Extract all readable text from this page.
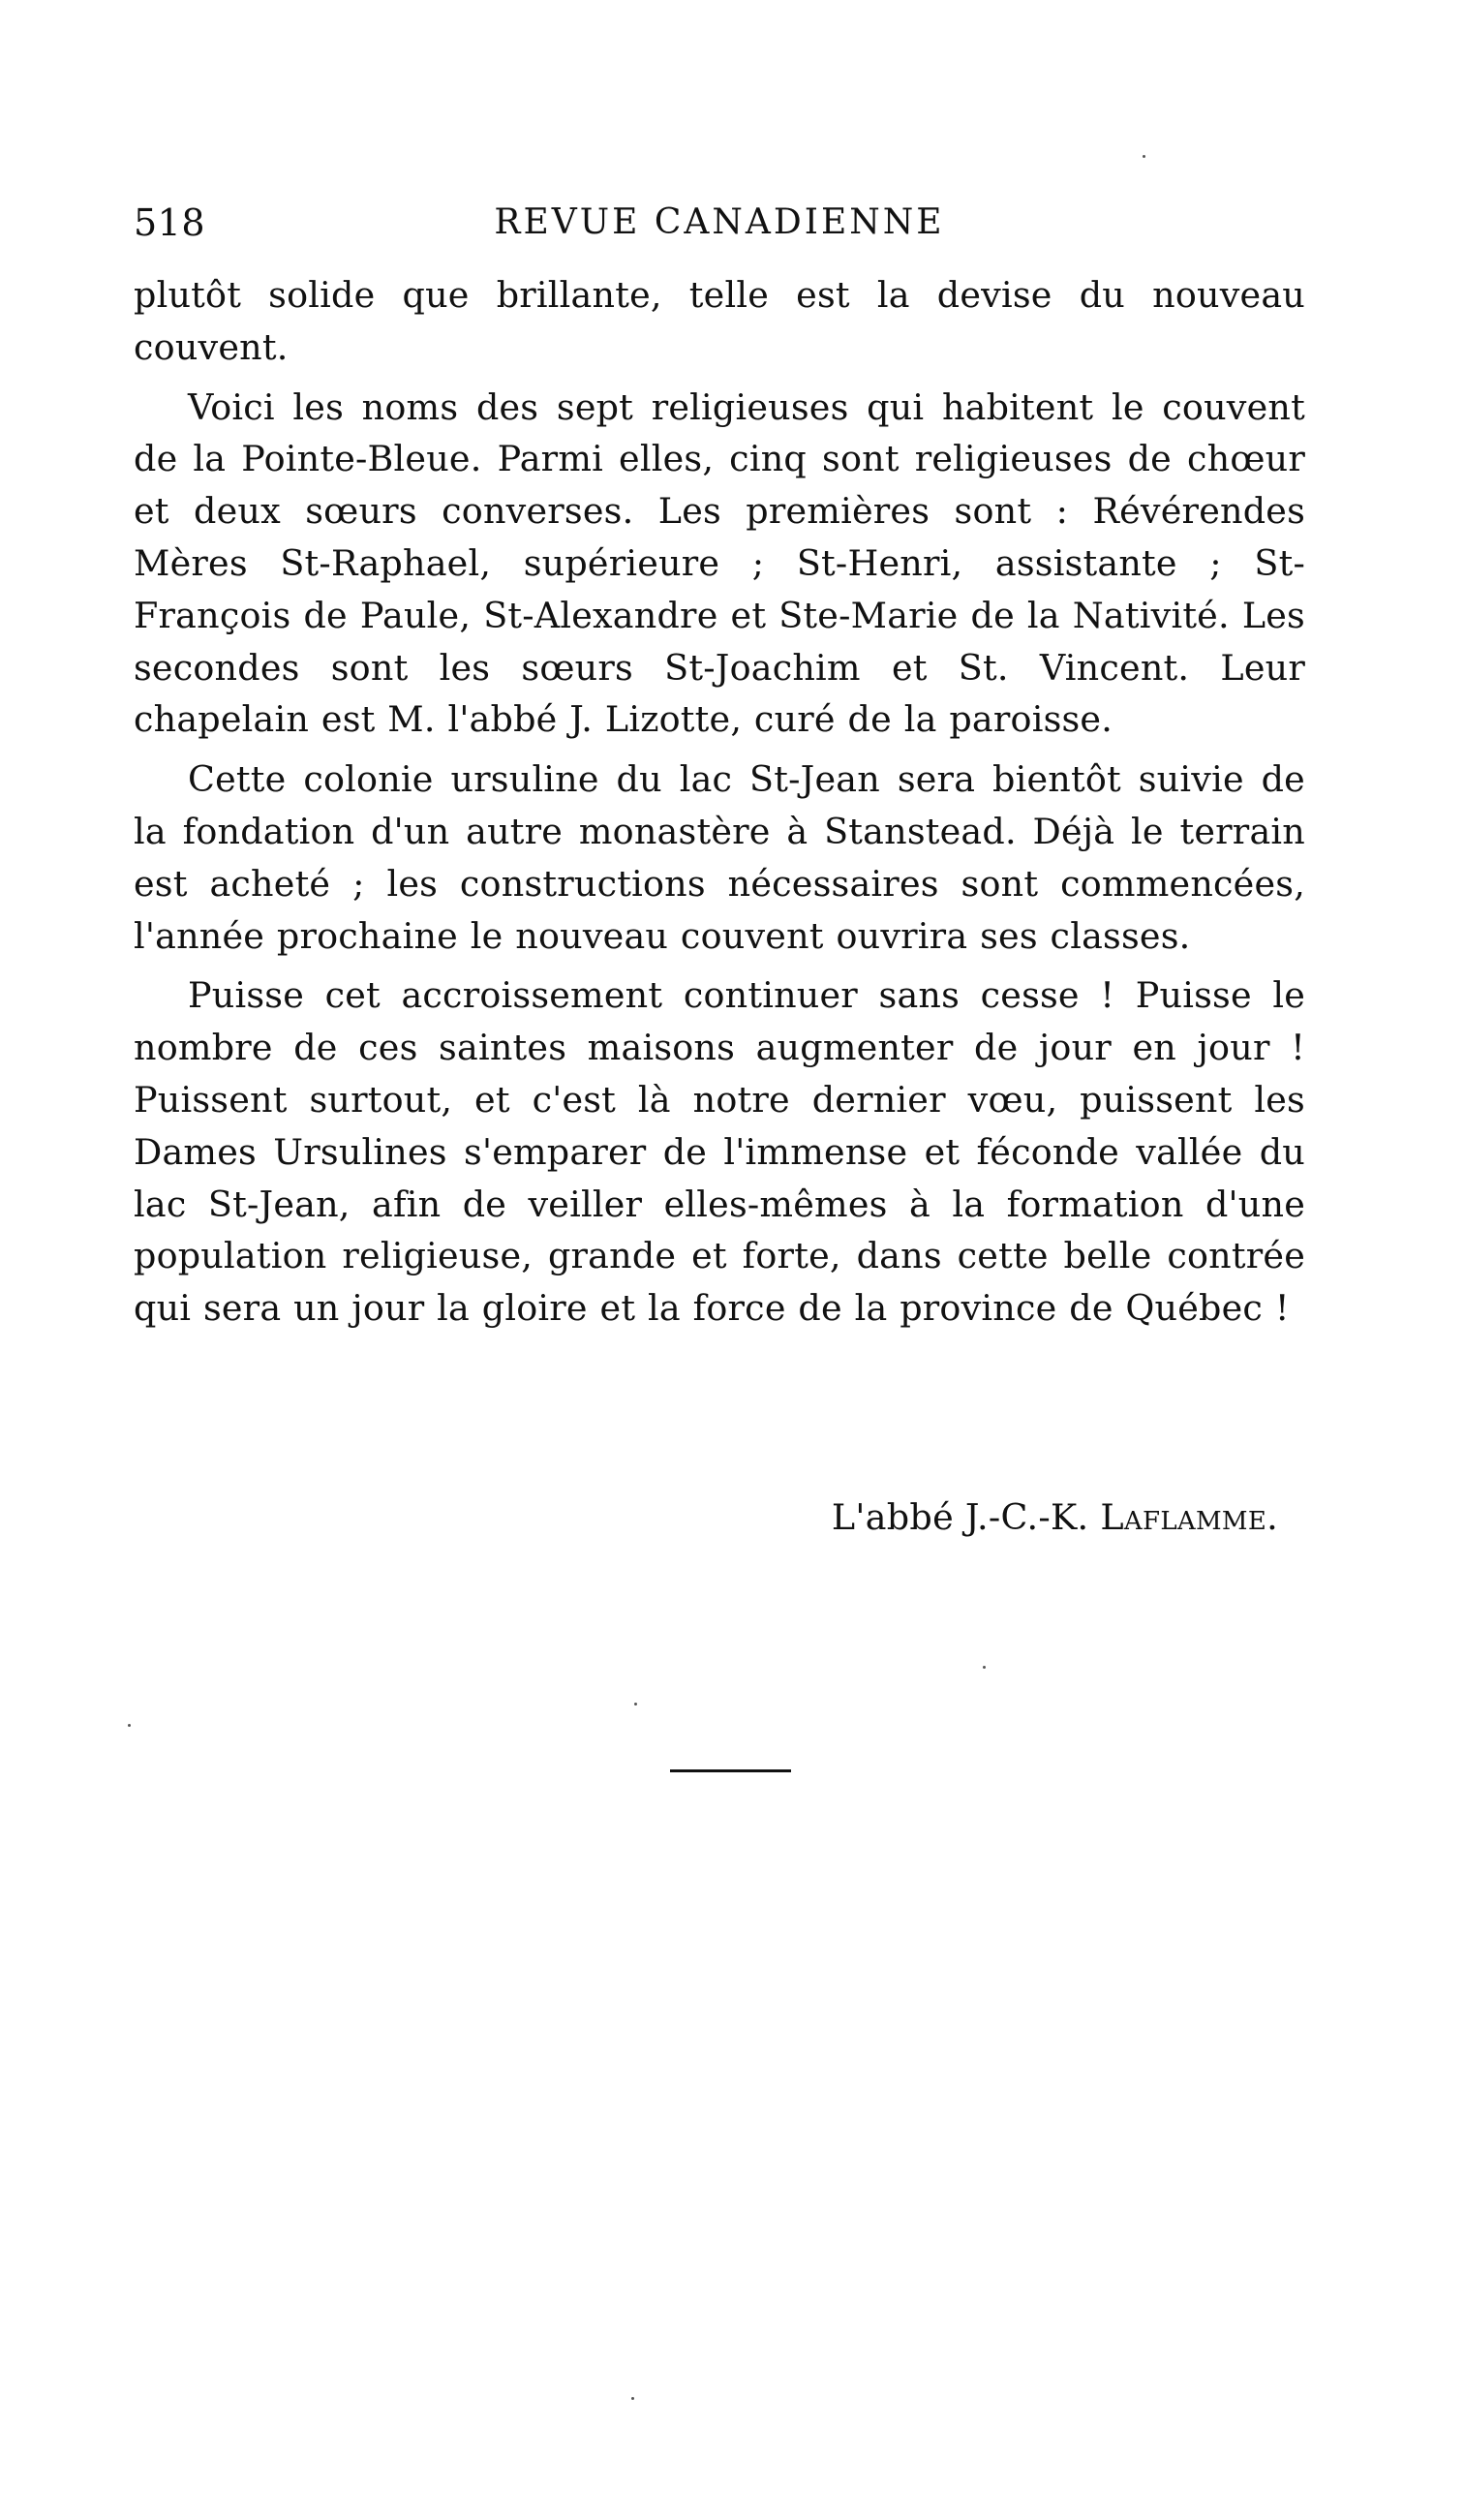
518	REVUE CANADIENNE

plutôt solide que brillante, telle est la devise du nouveau couvent.

Voici les noms des sept religieuses qui habitent le couvent de la Pointe-Bleue. Parmi elles, cinq sont religieuses de chœur et deux sœurs converses. Les premières sont : Révérendes Mères St-Raphael, supérieure ; St-Henri, assistante ; St-François de Paule, St-Alexandre et Ste-Marie de la Nativité. Les secondes sont les sœurs St-Joachim et St. Vincent. Leur chapelain est M. l'abbé J. Lizotte, curé de la paroisse.

Cette colonie ursuline du lac St-Jean sera bientôt suivie de la fondation d'un autre monastère à Stanstead. Déjà le terrain est acheté ; les constructions nécessaires sont commencées, l'année prochaine le nouveau couvent ouvrira ses classes.

Puisse cet accroissement continuer sans cesse ! Puisse le nombre de ces saintes maisons augmenter de jour en jour ! Puissent surtout, et c'est là notre dernier vœu, puissent les Dames Ursulines s'emparer de l'immense et féconde vallée du lac St-Jean, afin de veiller elles-mêmes à la formation d'une population religieuse, grande et forte, dans cette belle contrée qui sera un jour la gloire et la force de la province de Québec !

L'abbé J.-C.-K. Laflamme.
